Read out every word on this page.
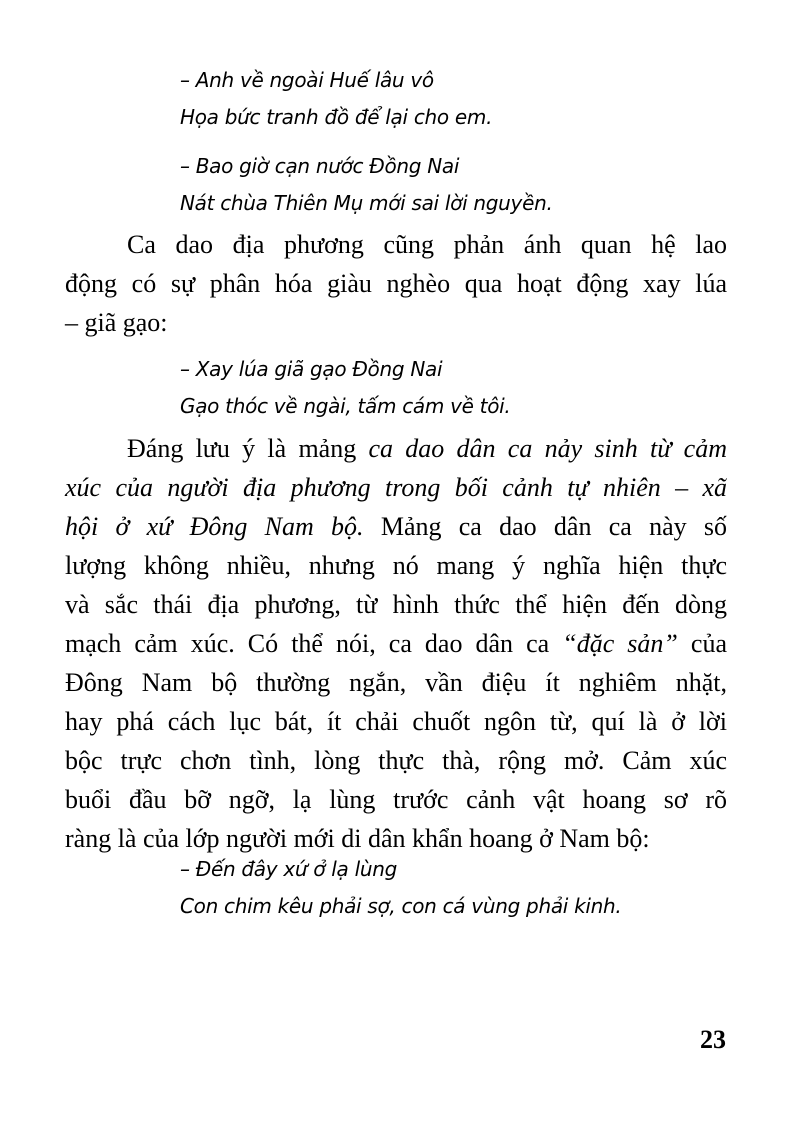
– Anh về ngoài Huế lâu vô
Họa bức tranh đồ để lại cho em.
– Bao giờ cạn nước Đồng Nai
Nát chùa Thiên Mụ mới sai lời nguyền.
Ca dao địa phương cũng phản ánh quan hệ lao
động có sự phân hóa giàu nghèo qua hoạt động xay lúa
– giã gạo:
– Xay lúa giã gạo Đồng Nai
Gạo thóc về ngài, tấm cám về tôi.
Đáng lưu ý là mảng ca dao dân ca nảy sinh từ cảm
xúc của người địa phương trong bối cảnh tự nhiên – xã
hội ở xứ Đông Nam bộ. Mảng ca dao dân ca này số
lượng không nhiều, nhưng nó mang ý nghĩa hiện thực
và sắc thái địa phương, từ hình thức thể hiện đến dòng
mạch cảm xúc. Có thể nói, ca dao dân ca “đặc sản” của
Đông Nam bộ thường ngắn, vần điệu ít nghiêm nhặt,
hay phá cách lục bát, ít chải chuốt ngôn từ, quí là ở lời
bộc trực chơn tình, lòng thực thà, rộng mở. Cảm xúc
buổi đầu bỡ ngỡ, lạ lùng trước cảnh vật hoang sơ rõ
ràng là của lớp người mới di dân khẩn hoang ở Nam bộ:
– Đến đây xứ ở lạ lùng
Con chim kêu phải sợ, con cá vùng phải kinh.
23
